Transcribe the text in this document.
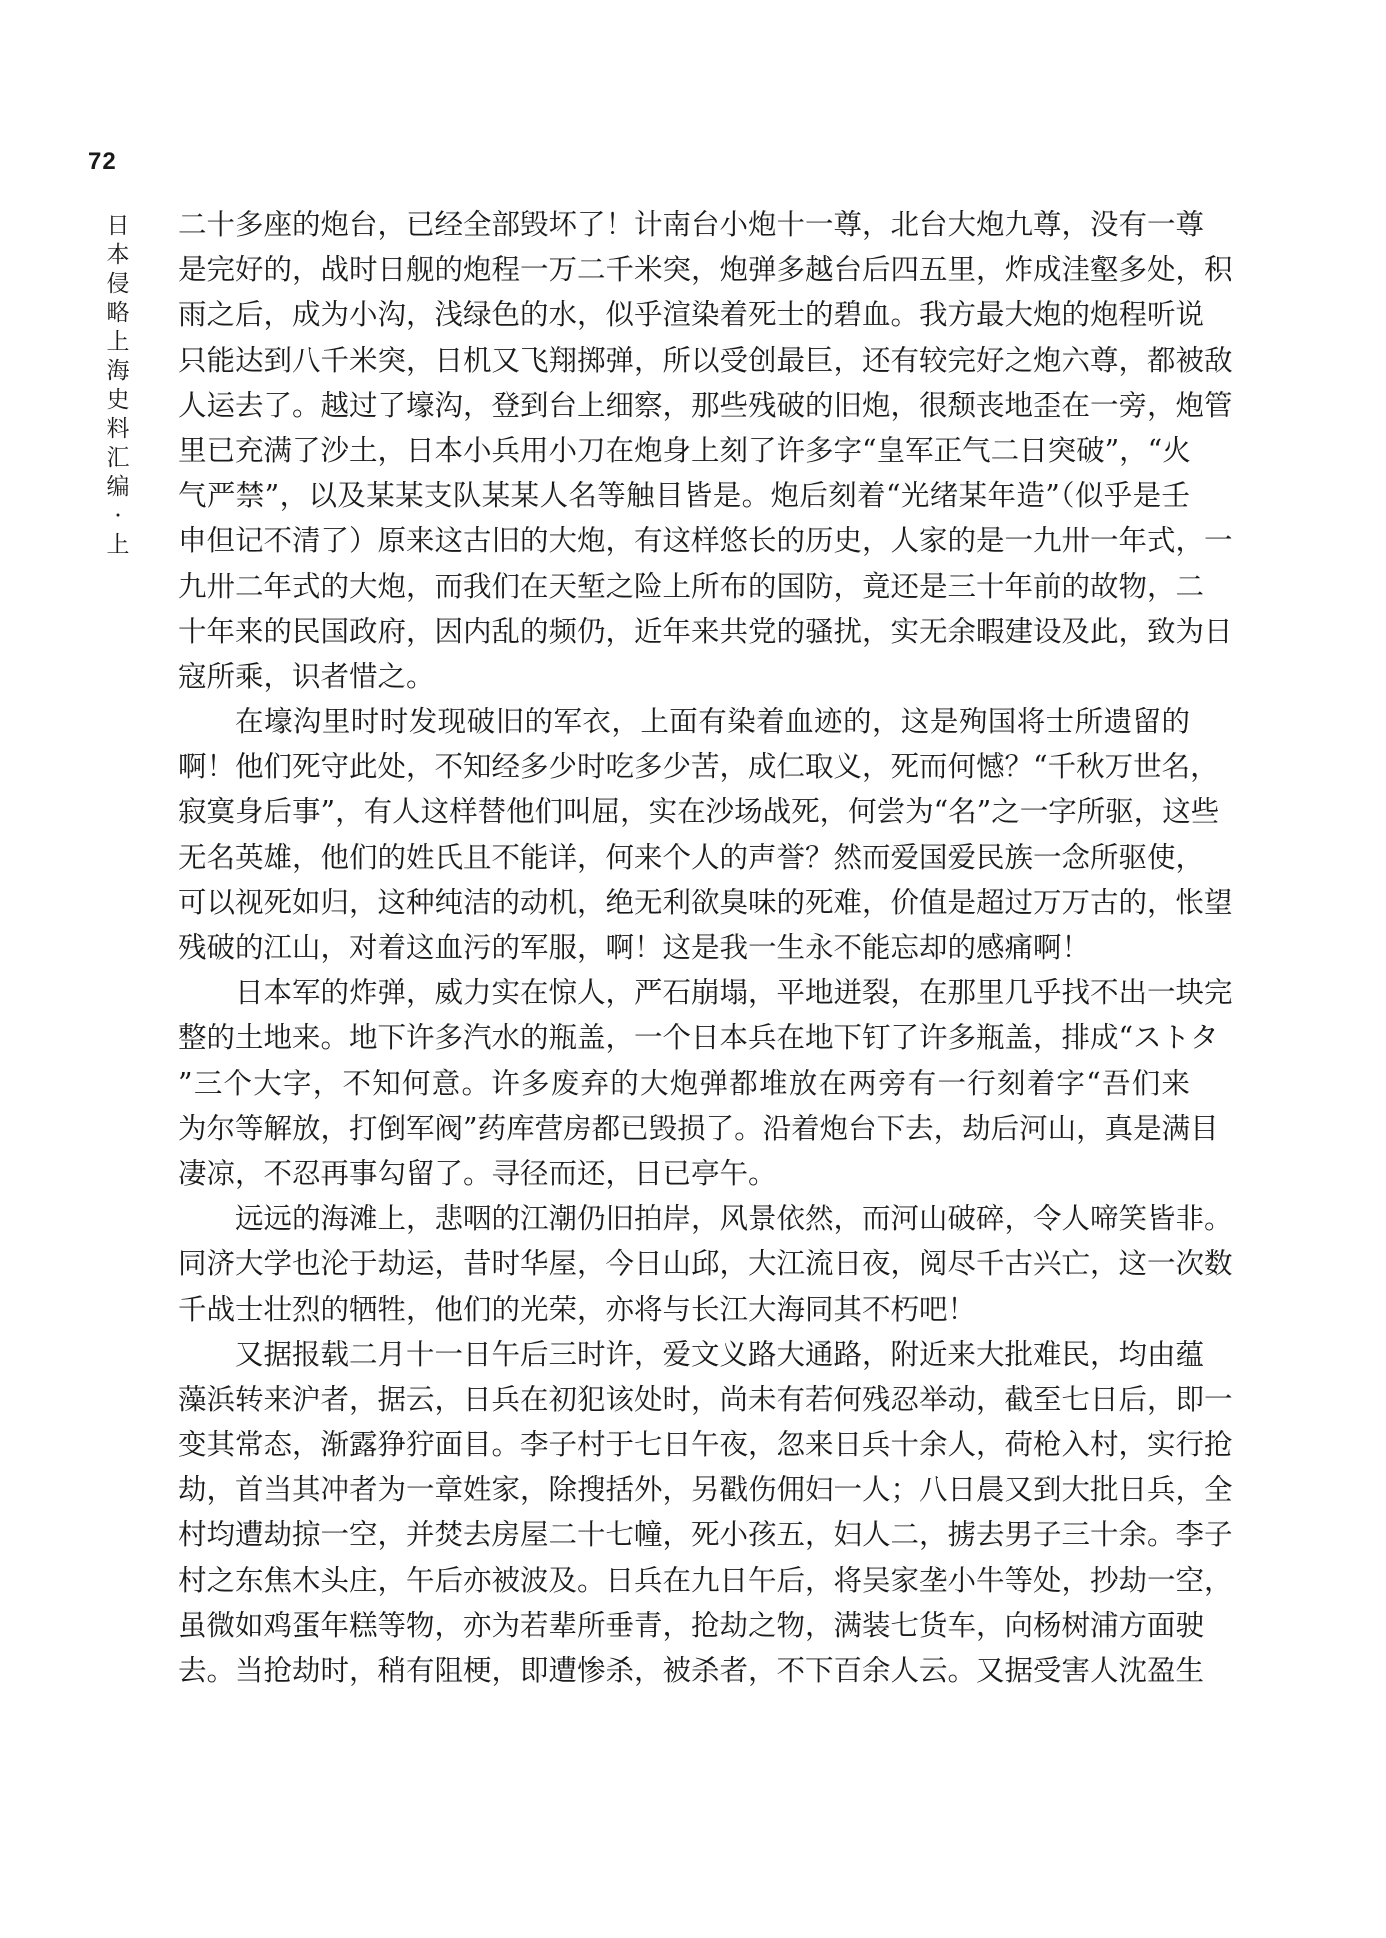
72
日本侵略上海史料汇编·上
二十多座的炮台，已经全部毁坏了！计南台小炮十一尊，北台大炮九尊，没有一尊
是完好的，战时日舰的炮程一万二千米突，炮弹多越台后四五里，炸成洼壑多处，积
雨之后，成为小沟，浅绿色的水，似乎渲染着死士的碧血。我方最大炮的炮程听说
只能达到八千米突，日机又飞翔掷弹，所以受创最巨，还有较完好之炮六尊，都被敌
人运去了。越过了壕沟，登到台上细察，那些残破的旧炮，很颓丧地歪在一旁，炮管
里已充满了沙土，日本小兵用小刀在炮身上刻了许多字“皇军正气二日突破”，“火
气严禁”，以及某某支队某某人名等触目皆是。炮后刻着“光绪某年造”（似乎是壬
申但记不清了）原来这古旧的大炮，有这样悠长的历史，人家的是一九卅一年式，一
九卅二年式的大炮，而我们在天堑之险上所布的国防，竟还是三十年前的故物，二
十年来的民国政府，因内乱的频仍，近年来共党的骚扰，实无余暇建设及此，致为日
寇所乘，识者惜之。
在壕沟里时时发现破旧的军衣，上面有染着血迹的，这是殉国将士所遗留的
啊！他们死守此处，不知经多少时吃多少苦，成仁取义，死而何憾？“千秋万世名，
寂寞身后事”，有人这样替他们叫屈，实在沙场战死，何尝为“名”之一字所驱，这些
无名英雄，他们的姓氏且不能详，何来个人的声誉？然而爱国爱民族一念所驱使，
可以视死如归，这种纯洁的动机，绝无利欲臭味的死难，价值是超过万万古的，怅望
残破的江山，对着这血污的军服，啊！这是我一生永不能忘却的感痛啊！
日本军的炸弹，威力实在惊人，严石崩塌，平地迸裂，在那里几乎找不出一块完
整的土地来。地下许多汽水的瓶盖，一个日本兵在地下钉了许多瓶盖，排成“ストタ
”三个大字，不知何意。许多废弃的大炮弹都堆放在两旁有一行刻着字“吾们来
为尔等解放，打倒军阀”药库营房都已毁损了。沿着炮台下去，劫后河山，真是满目
凄凉，不忍再事勾留了。寻径而还，日已亭午。
远远的海滩上，悲咽的江潮仍旧拍岸，风景依然，而河山破碎，令人啼笑皆非。
同济大学也沦于劫运，昔时华屋，今日山邱，大江流日夜，阅尽千古兴亡，这一次数
千战士壮烈的牺牲，他们的光荣，亦将与长江大海同其不朽吧！
又据报载二月十一日午后三时许，爱文义路大通路，附近来大批难民，均由蕴
藻浜转来沪者，据云，日兵在初犯该处时，尚未有若何残忍举动，截至七日后，即一
变其常态，渐露狰狞面目。李子村于七日午夜，忽来日兵十余人，荷枪入村，实行抢
劫，首当其冲者为一章姓家，除搜括外，另戳伤佣妇一人；八日晨又到大批日兵，全
村均遭劫掠一空，并焚去房屋二十七幢，死小孩五，妇人二，掳去男子三十余。李子
村之东焦木头庄，午后亦被波及。日兵在九日午后，将吴家垄小牛等处，抄劫一空，
虽微如鸡蛋年糕等物，亦为若辈所垂青，抢劫之物，满装七货车，向杨树浦方面驶
去。当抢劫时，稍有阻梗，即遭惨杀，被杀者，不下百余人云。又据受害人沈盈生
